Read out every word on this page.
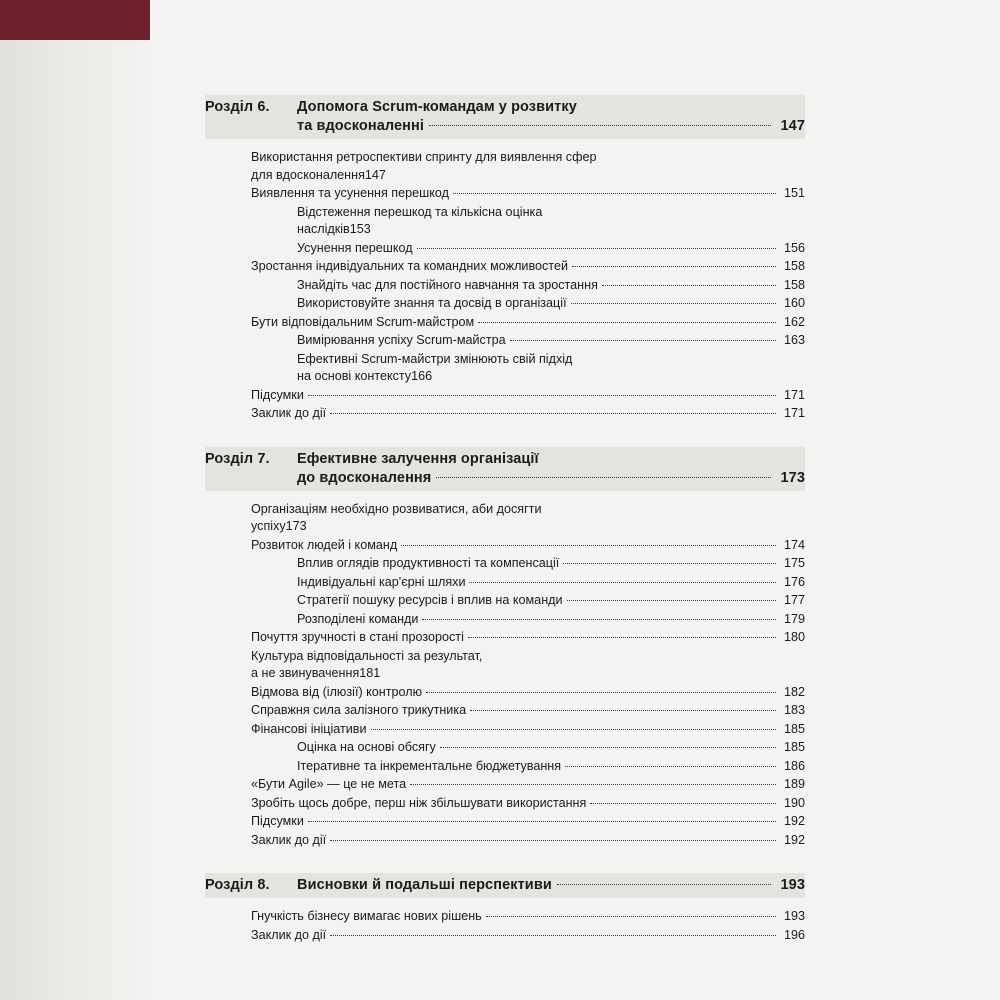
Розділ 6.	Допомога Scrum-командам у розвитку
та вдосконаленні	147
Використання ретроспективи спринту для виявлення сфер
для вдосконалення 147
Виявлення та усунення перешкод	151
Відстеження перешкод та кількісна оцінка
наслідків 153
Усунення перешкод	156
Зростання індивідуальних та командних можливостей	158
Знайдіть час для постійного навчання та зростання	158
Використовуйте знання та досвід в організації	160
Бути відповідальним Scrum-майстром	162
Вимірювання успіху Scrum-майстра	163
Ефективні Scrum-майстри змінюють свій підхід
на основі контексту 166
Підсумки	171
Заклик до дії	171
Розділ 7.	Ефективне залучення організації
до вдосконалення	173
Організаціям необхідно розвиватися, аби досягти
успіху 173
Розвиток людей і команд	174
Вплив оглядів продуктивності та компенсації	175
Індивідуальні кар'єрні шляхи	176
Стратегії пошуку ресурсів і вплив на команди	177
Розподілені команди	179
Почуття зручності в стані прозорості	180
Культура відповідальності за результат,
а не звинувачення 181
Відмова від (ілюзії) контролю	182
Справжня сила залізного трикутника	183
Фінансові ініціативи	185
Оцінка на основі обсягу	185
Ітеративне та інкрементальне бюджетування	186
«Бути Agile» — це не мета	189
Зробіть щось добре, перш ніж збільшувати використання	190
Підсумки	192
Заклик до дії	192
Розділ 8.	Висновки й подальші перспективи	193
Гнучкість бізнесу вимагає нових рішень	193
Заклик до дії	196
